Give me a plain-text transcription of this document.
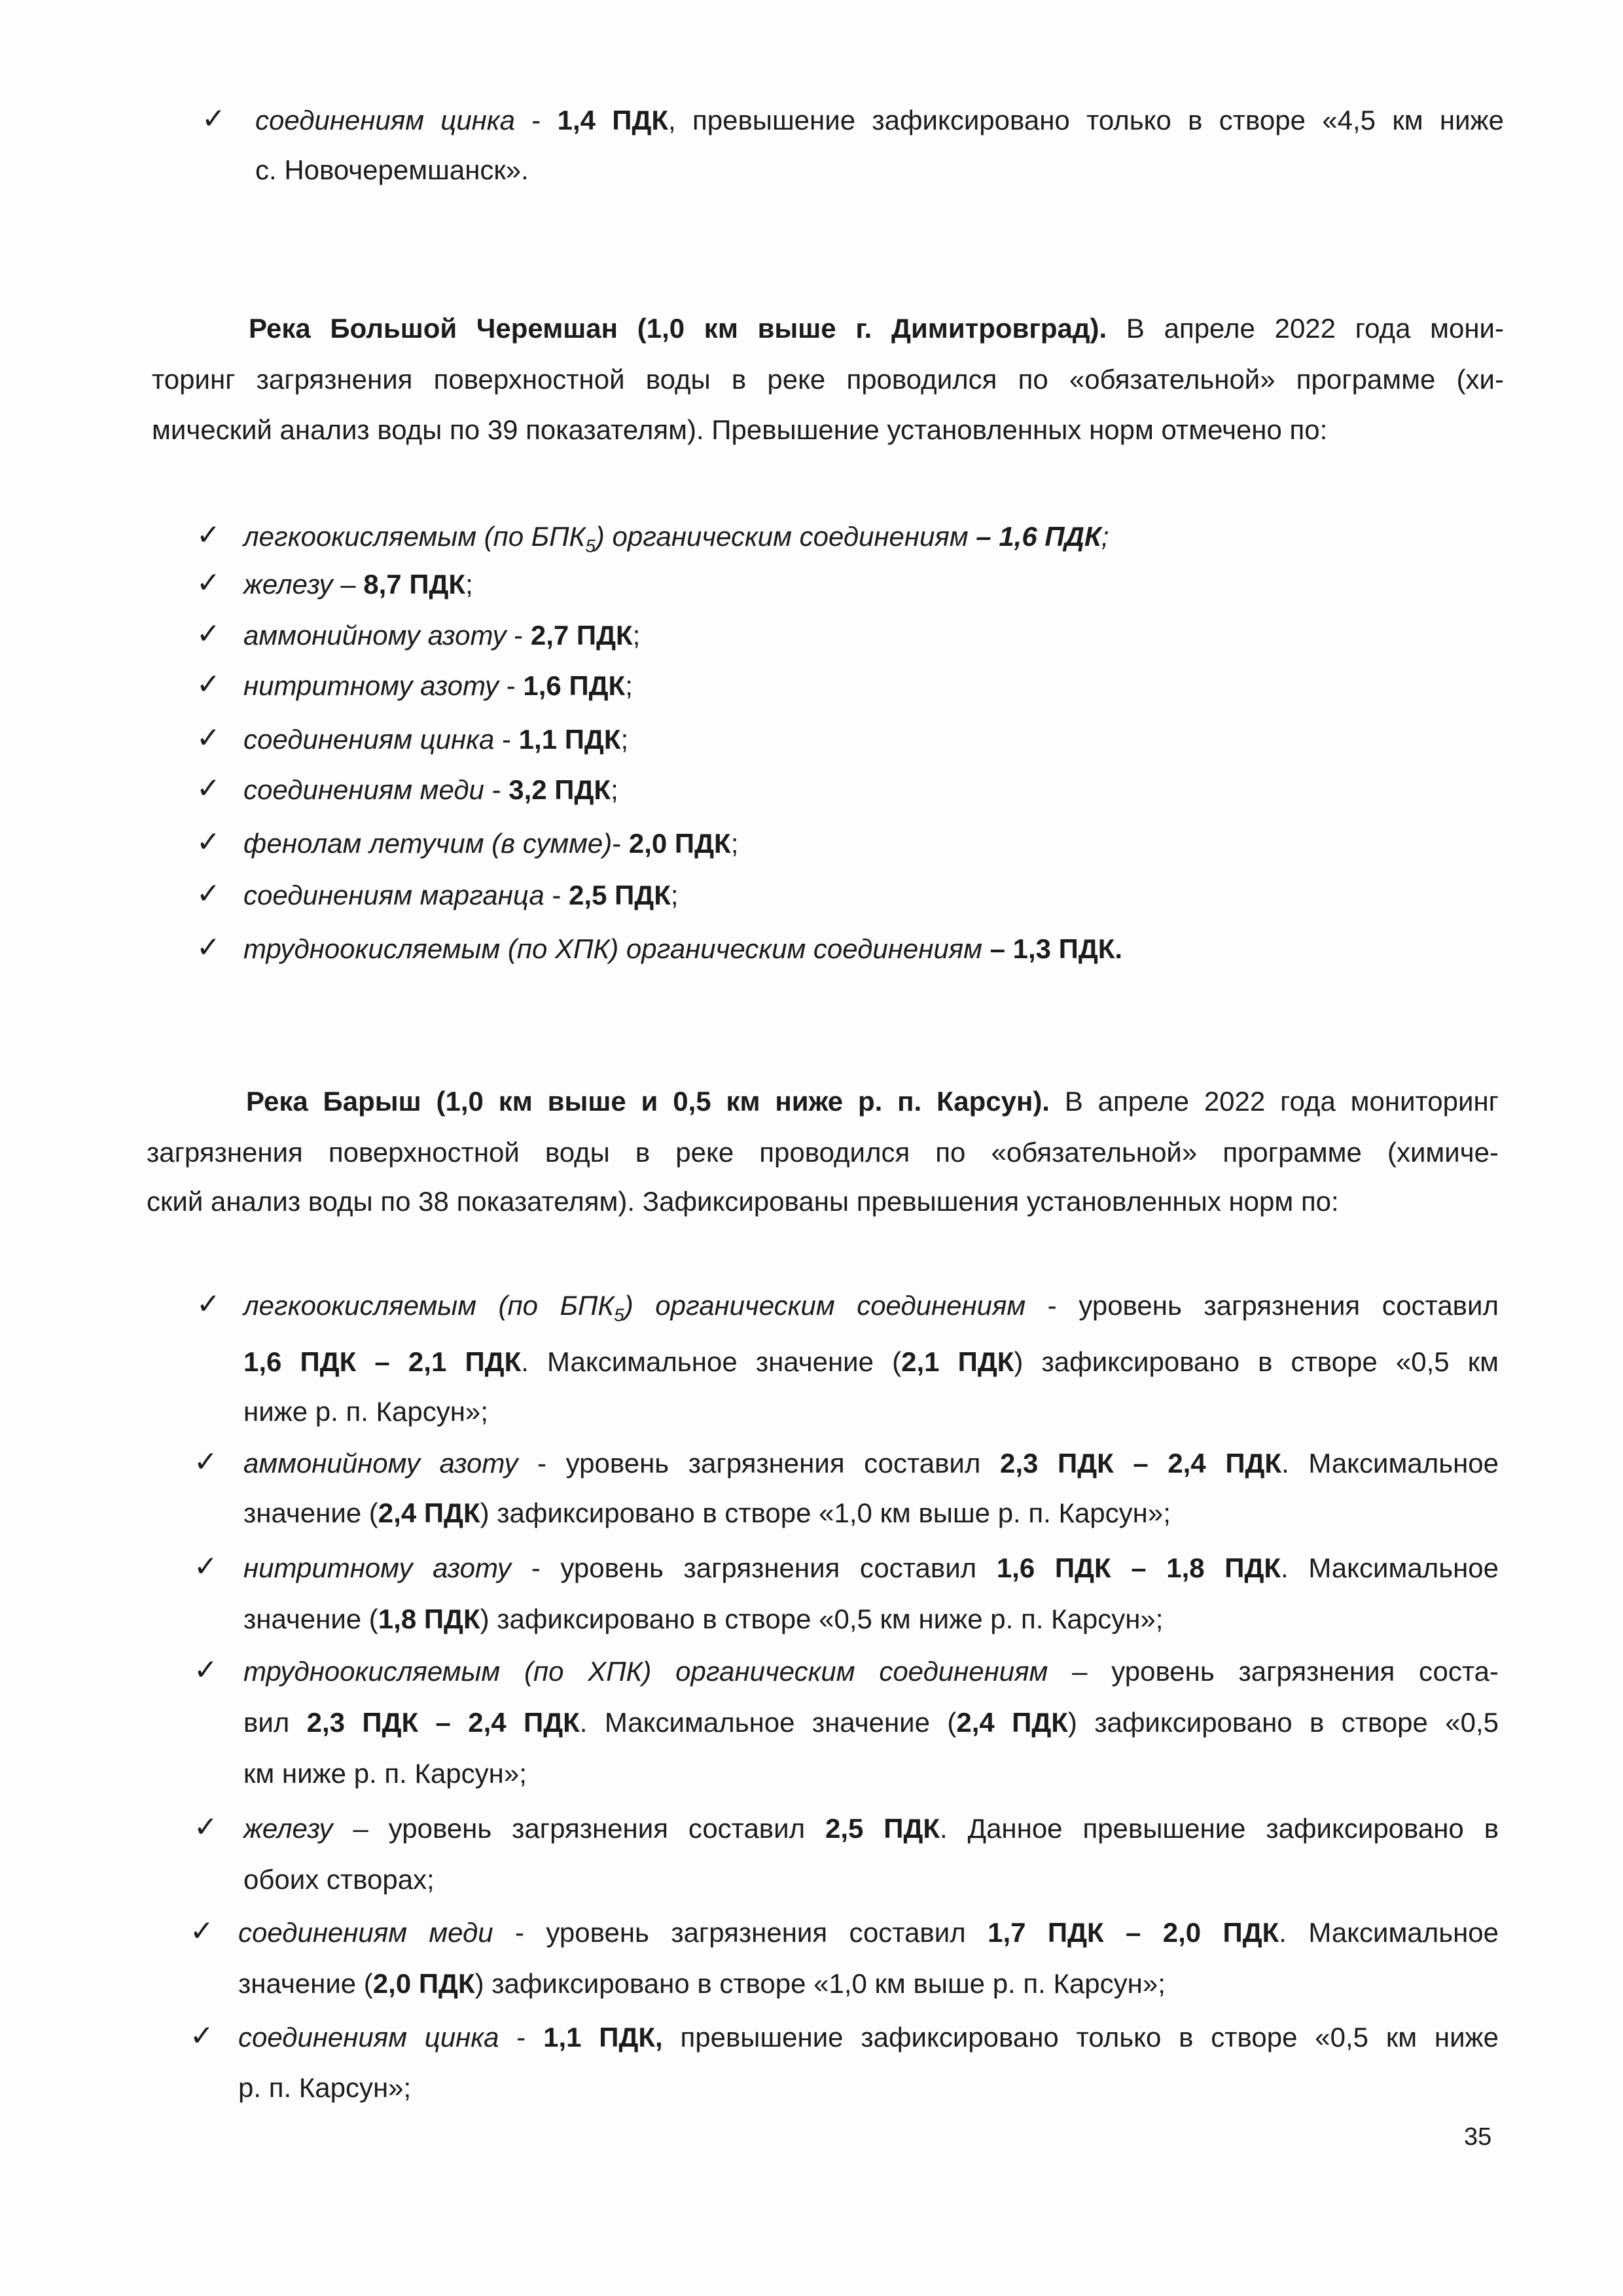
✓ соединениям цинка - 1,4 ПДК, превышение зафиксировано только в створе «4,5 км ниже
с. Новочеремшанск».
Река Большой Черемшан (1,0 км выше г. Димитровград). В апреле 2022 года мони-
торинг загрязнения поверхностной воды в реке проводился по «обязательной» программе (хи-
мический анализ воды по 39 показателям). Превышение установленных норм отмечено по:
✓ легкоокисляемым (по $БПК_5$) органическим соединениям – 1,6 ПДК;
✓ железу – 8,7 ПДК;
✓ аммонийному азоту - 2,7 ПДК;
✓ нитритному азоту - 1,6 ПДК;
✓ соединениям цинка - 1,1 ПДК;
✓ соединениям меди - 3,2 ПДК;
✓ фенолам летучим (в сумме)- 2,0 ПДК;
✓ соединениям марганца - 2,5 ПДК;
✓ трудноокисляемым (по ХПК) органическим соединениям – 1,3 ПДК.
Река Барыш (1,0 км выше и 0,5 км ниже р. п. Карсун). В апреле 2022 года мониторинг
загрязнения поверхностной воды в реке проводился по «обязательной» программе (химиче-
ский анализ воды по 38 показателям). Зафиксированы превышения установленных норм по:
✓ легкоокисляемым (по $БПК_5$) органическим соединениям - уровень загрязнения составил
1,6 ПДК – 2,1 ПДК. Максимальное значение (2,1 ПДК) зафиксировано в створе «0,5 км
ниже р. п. Карсун»;
✓ аммонийному азоту - уровень загрязнения составил 2,3 ПДК – 2,4 ПДК. Максимальное
значение (2,4 ПДК) зафиксировано в створе «1,0 км выше р. п. Карсун»;
✓ нитритному азоту - уровень загрязнения составил 1,6 ПДК – 1,8 ПДК. Максимальное
значение (1,8 ПДК) зафиксировано в створе «0,5 км ниже р. п. Карсун»;
✓ трудноокисляемым (по ХПК) органическим соединениям – уровень загрязнения соста-
вил 2,3 ПДК – 2,4 ПДК. Максимальное значение (2,4 ПДК) зафиксировано в створе «0,5
км ниже р. п. Карсун»;
✓ железу – уровень загрязнения составил 2,5 ПДК. Данное превышение зафиксировано в
обоих створах;
✓ соединениям меди - уровень загрязнения составил 1,7 ПДК – 2,0 ПДК. Максимальное
значение (2,0 ПДК) зафиксировано в створе «1,0 км выше р. п. Карсун»;
✓ соединениям цинка - 1,1 ПДК, превышение зафиксировано только в створе «0,5 км ниже
р. п. Карсун»;
35
